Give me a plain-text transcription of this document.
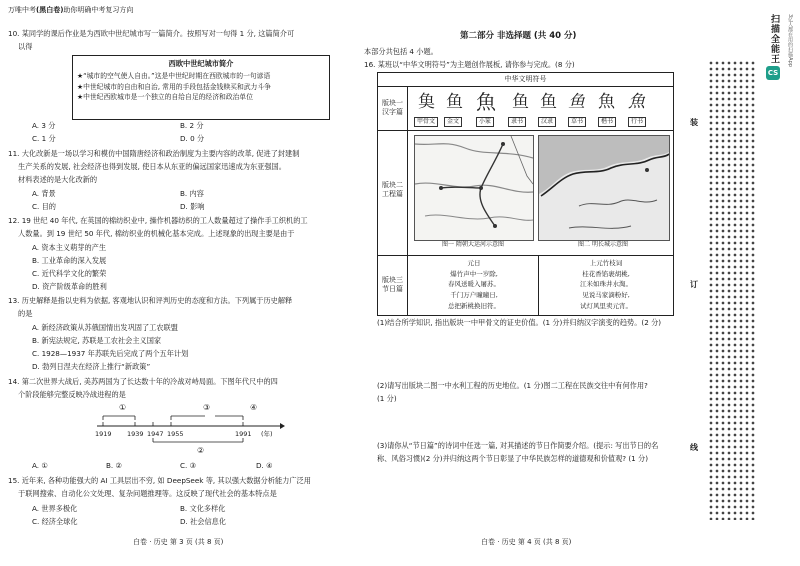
万唯中考(黑白卷)助你明确中考复习方向
10. 某同学的课后作业是为西欧中世纪城市写一篇简介。按照写对一句得 1 分, 这篇简介可
以得
西欧中世纪城市简介
★“城市的空气使人自由。”这是中世纪时期在西欧城市的一句谚语
★中世纪城市的自由和自治, 常用的手段包括金钱赎买和武力斗争
★中世纪西欧城市是一个独立的自给自足的经济和政治单位
A. 3 分	B. 2 分
C. 1 分	D. 0 分
11. 大化改新是一场以学习和模仿中国隋唐经济和政治制度为主要内容的改革, 促进了封建制
生产关系的发展, 社会经济也得到发展, 使日本从东亚的偏远国家迅速成为东亚强国。
材料表述的是大化改新的
A. 背景	B. 内容
C. 目的	D. 影响
12. 19 世纪 40 年代, 在英国的棉纺织业中, 操作机器纺织的工人数量超过了操作手工织机的工
人数量。到 19 世纪 50 年代, 棉纺织业的机械化基本完成。上述现象的出现主要是由于
A. 资本主义萌芽的产生
B. 工业革命的深入发展
C. 近代科学文化的繁荣
D. 资产阶级革命的胜利
13. 历史解释是指以史料为依据, 客观地认识和评判历史的态度和方法。下列属于历史解释
的是
A. 新经济政策从苏俄国情出发巩固了工农联盟
B. 新宪法规定, 苏联是工农社会主义国家
C. 1928—1937 年苏联先后完成了两个五年计划
D. 勃列日涅夫在经济上推行“新政策”
14. 第二次世界大战后, 美苏两国为了长达数十年的冷战对峙局面。下图年代尺中的四
个阶段能够完整反映冷战进程的是
①
②
③	④
1919 1939 1947 1955	1991 (年)
A. ①	B. ②	C. ③	D. ④
15. 近年来, 各种功能强大的 AI 工具层出不穷, 如 DeepSeek 等, 其以强大数据分析能力广泛用
于联网搜索、自动化公文处理、复杂问题推理等。这反映了现代社会的基本特点是
A. 世界多极化	B. 文化多样化
C. 经济全球化	D. 社会信息化
白卷 · 历史 第 3 页 (共 8 页)
第二部分 非选择题 (共 40 分)
本部分共包括 4 小题。
16. 某班以“中华文明符号”为主题创作展板, 请你参与完成。(8 分)
中华文明符号
版块一
汉字篇
𩵋 鱼 魚 鱼 鱼 鱼 魚 魚
甲骨文	金文	小篆	隶书	汉隶	草书	楷书	行书
版块二
工程篇
图一 隋朝大运河示意图	图二 明长城示意图
版块三
节日篇
元日
爆竹声中一岁除,
春风送暖入屠苏。
千门万户曈曈日,
总把新桃换旧符。
上元竹枝词
桂花香馅裹胡桃,
江米如珠井水淘。
见说马家滴粉好,
试灯风里卖元宵。
(1)结合所学知识, 指出版块一中甲骨文的证史价值。(1 分)并归纳汉字演变的趋势。(2 分)
(2)请写出版块二图一中水利工程的历史地位。(1 分)图二工程在民族交往中有何作用?
(1 分)
(3)请你从“节日篇”的诗词中任选一篇, 对其描述的节日作简要介绍。(提示: 写出节日的名
称、风俗习惯)(2 分)并归纳这两个节日彰显了中华民族怎样的道德观和价值观? (1 分)
白卷 · 历史 第 4 页 (共 8 页)
装
订
线
CS
扫描全能王	3亿人都在用的扫描App
